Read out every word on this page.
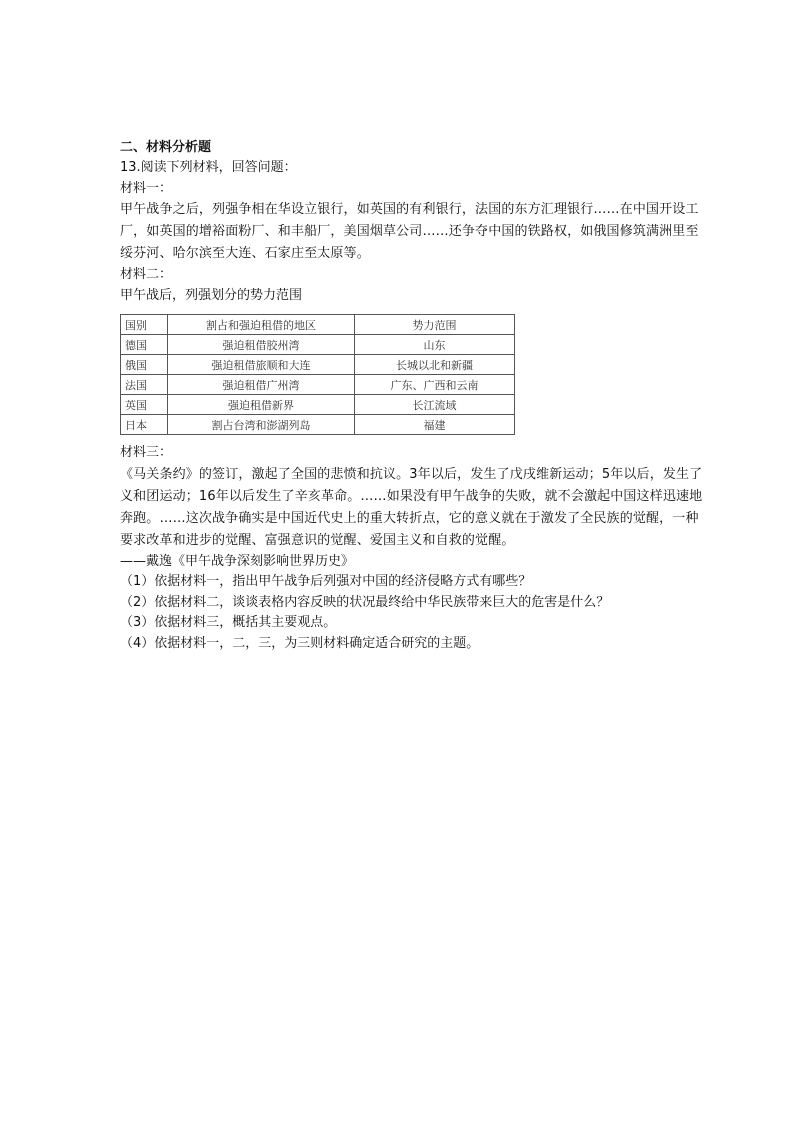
二、材料分析题

13.阅读下列材料，回答问题：

材料一：

甲午战争之后，列强争相在华设立银行，如英国的有利银行，法国的东方汇理银行……在中国开设工厂，如英国的增裕面粉厂、和丰船厂，美国烟草公司……还争夺中国的铁路权，如俄国修筑满洲里至绥芬河、哈尔滨至大连、石家庄至太原等。

材料二：

甲午战后，列强划分的势力范围

国别	割占和强迫租借的地区	势力范围
德国	强迫租借胶州湾	山东
俄国	强迫租借旅顺和大连	长城以北和新疆
法国	强迫租借广州湾	广东、广西和云南
英国	强迫租借新界	长江流域
日本	割占台湾和澎湖列岛	福建

材料三：

《马关条约》的签订，激起了全国的悲愤和抗议。3年以后，发生了戊戌维新运动；5年以后，发生了义和团运动；16年以后发生了辛亥革命。……如果没有甲午战争的失败，就不会激起中国这样迅速地奔跑。……这次战争确实是中国近代史上的重大转折点，它的意义就在于激发了全民族的觉醒，一种要求改革和进步的觉醒、富强意识的觉醒、爱国主义和自救的觉醒。

——戴逸《甲午战争深刻影响世界历史》

（1）依据材料一，指出甲午战争后列强对中国的经济侵略方式有哪些？

（2）依据材料二，谈谈表格内容反映的状况最终给中华民族带来巨大的危害是什么？

（3）依据材料三，概括其主要观点。

（4）依据材料一，二，三，为三则材料确定适合研究的主题。
